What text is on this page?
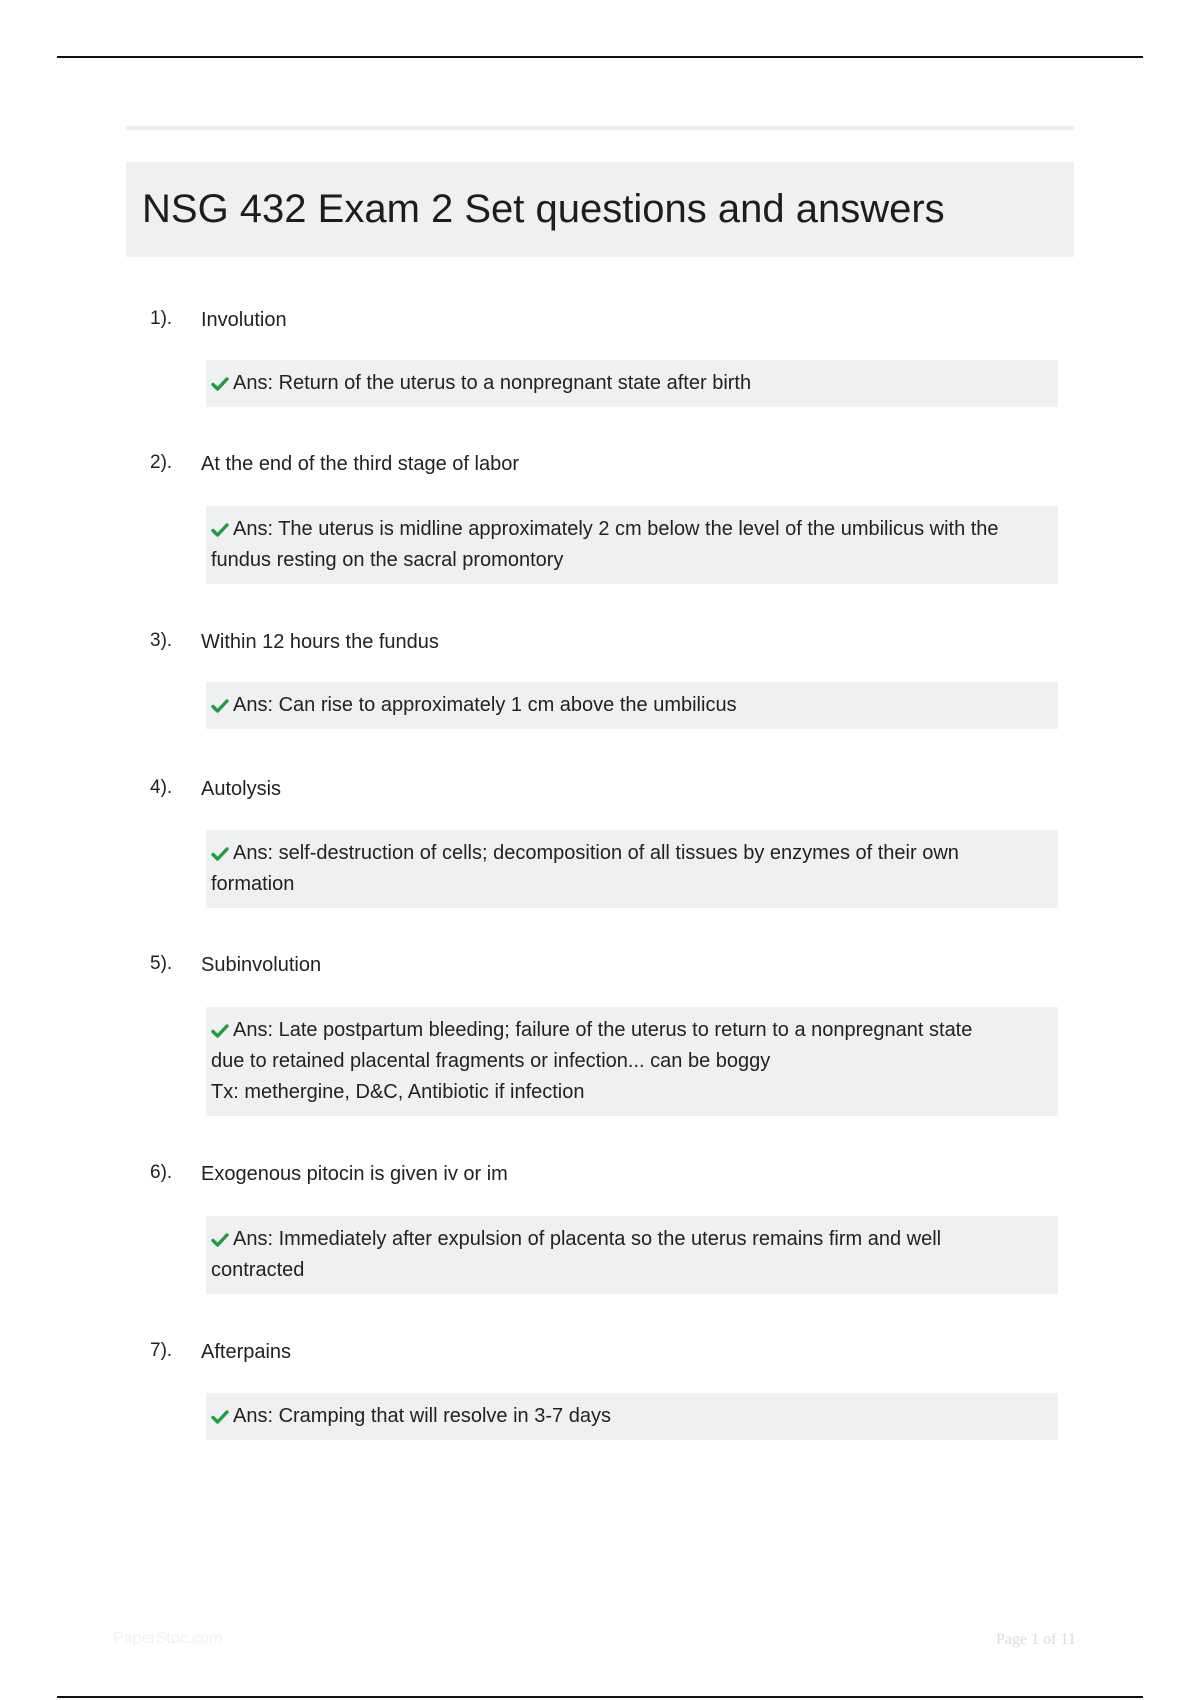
NSG 432 Exam 2 Set questions and answers
1). Involution
Ans: Return of the uterus to a nonpregnant state after birth
2). At the end of the third stage of labor
Ans: The uterus is midline approximately 2 cm below the level of the umbilicus with the
fundus resting on the sacral promontory
3). Within 12 hours the fundus
Ans: Can rise to approximately 1 cm above the umbilicus
4). Autolysis
Ans: self-destruction of cells; decomposition of all tissues by enzymes of their own
formation
5). Subinvolution
Ans: Late postpartum bleeding; failure of the uterus to return to a nonpregnant state
due to retained placental fragments or infection... can be boggy
Tx: methergine, D&C, Antibiotic if infection
6). Exogenous pitocin is given iv or im
Ans: Immediately after expulsion of placenta so the uterus remains firm and well
contracted
7). Afterpains
Ans: Cramping that will resolve in 3-7 days
PaperStoc.com	Page 1 of 11
